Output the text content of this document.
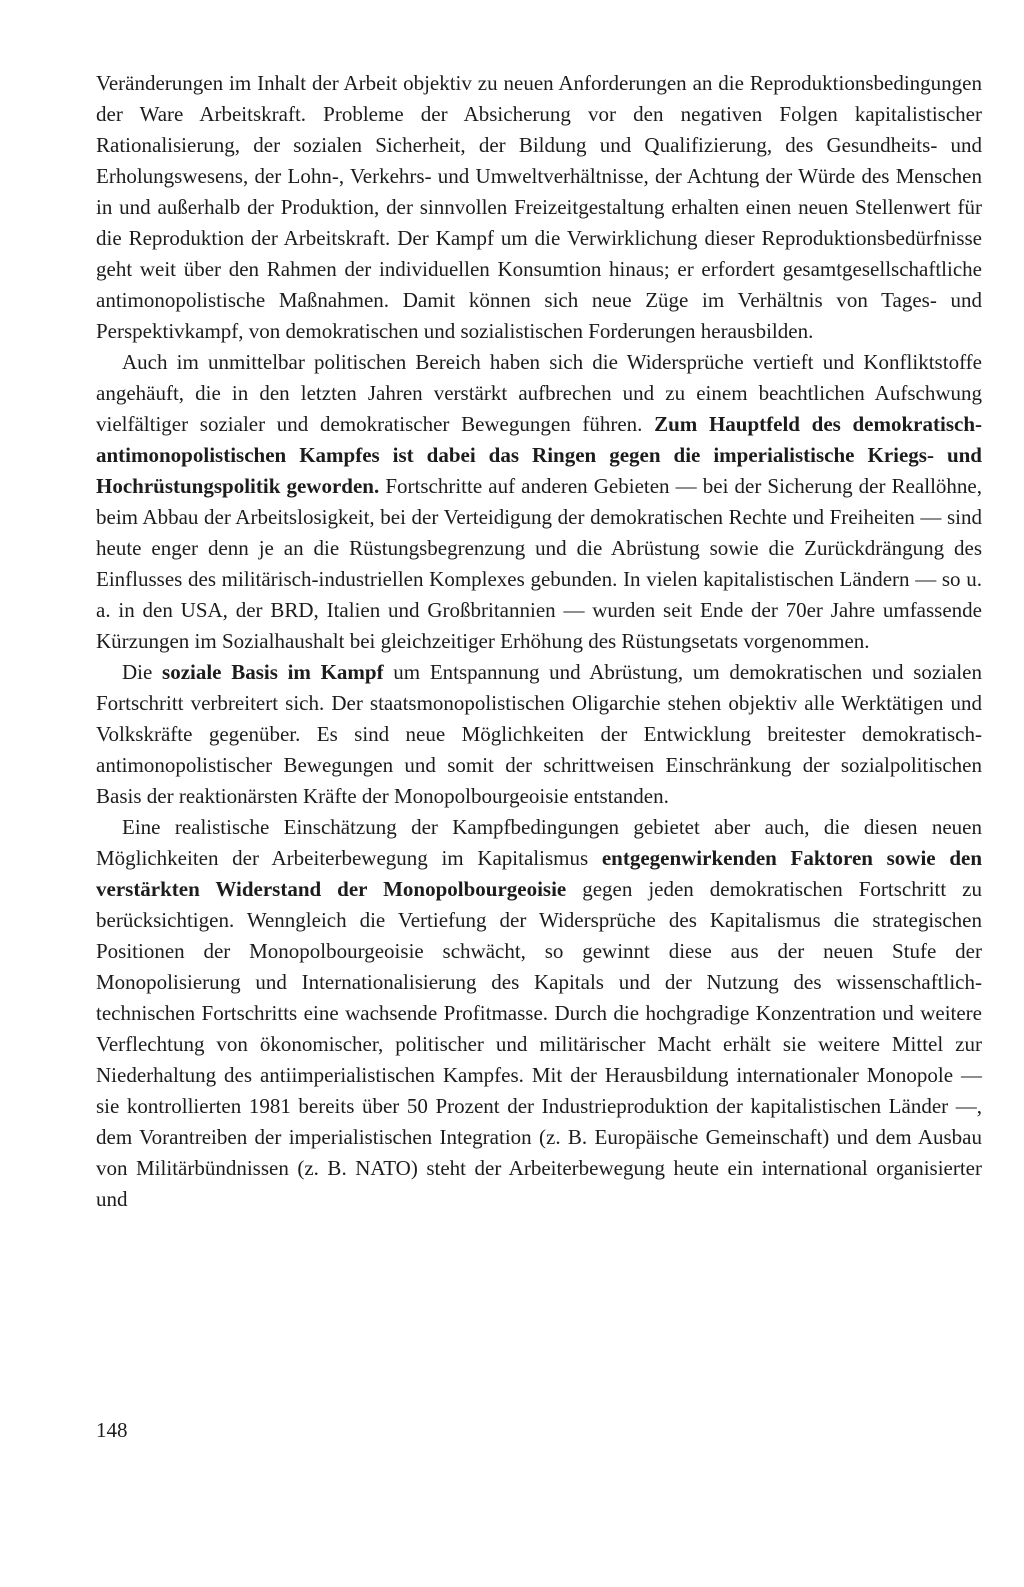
Veränderungen im Inhalt der Arbeit objektiv zu neuen Anforderungen an die Reproduktionsbedingungen der Ware Arbeitskraft. Probleme der Absicherung vor den negativen Folgen kapitalistischer Rationalisierung, der sozialen Sicherheit, der Bildung und Qualifizierung, des Gesundheits- und Erholungswesens, der Lohn-, Verkehrs- und Umweltverhältnisse, der Achtung der Würde des Menschen in und außerhalb der Produktion, der sinnvollen Freizeitgestaltung erhalten einen neuen Stellenwert für die Reproduktion der Arbeitskraft. Der Kampf um die Verwirklichung dieser Reproduktionsbedürfnisse geht weit über den Rahmen der individuellen Konsumtion hinaus; er erfordert gesamtgesellschaftliche antimonopolistische Maßnahmen. Damit können sich neue Züge im Verhältnis von Tages- und Perspektivkampf, von demokratischen und sozialistischen Forderungen herausbilden.

Auch im unmittelbar politischen Bereich haben sich die Widersprüche vertieft und Konfliktstoffe angehäuft, die in den letzten Jahren verstärkt aufbrechen und zu einem beachtlichen Aufschwung vielfältiger sozialer und demokratischer Bewegungen führen. Zum Hauptfeld des demokratisch-antimonopolistischen Kampfes ist dabei das Ringen gegen die imperialistische Kriegs- und Hochrüstungspolitik geworden. Fortschritte auf anderen Gebieten — bei der Sicherung der Reallöhne, beim Abbau der Arbeitslosigkeit, bei der Verteidigung der demokratischen Rechte und Freiheiten — sind heute enger denn je an die Rüstungsbegrenzung und die Abrüstung sowie die Zurückdrängung des Einflusses des militärisch-industriellen Komplexes gebunden. In vielen kapitalistischen Ländern — so u. a. in den USA, der BRD, Italien und Großbritannien — wurden seit Ende der 70er Jahre umfassende Kürzungen im Sozialhaushalt bei gleichzeitiger Erhöhung des Rüstungsetats vorgenommen.

Die soziale Basis im Kampf um Entspannung und Abrüstung, um demokratischen und sozialen Fortschritt verbreitert sich. Der staatsmonopolistischen Oligarchie stehen objektiv alle Werktätigen und Volkskräfte gegenüber. Es sind neue Möglichkeiten der Entwicklung breitester demokratisch-antimonopolistischer Bewegungen und somit der schrittweisen Einschränkung der sozialpolitischen Basis der reaktionärsten Kräfte der Monopolbourgeoisie entstanden.

Eine realistische Einschätzung der Kampfbedingungen gebietet aber auch, die diesen neuen Möglichkeiten der Arbeiterbewegung im Kapitalismus entgegenwirkenden Faktoren sowie den verstärkten Widerstand der Monopolbourgeoisie gegen jeden demokratischen Fortschritt zu berücksichtigen. Wenngleich die Vertiefung der Widersprüche des Kapitalismus die strategischen Positionen der Monopolbourgeoisie schwächt, so gewinnt diese aus der neuen Stufe der Monopolisierung und Internationalisierung des Kapitals und der Nutzung des wissenschaftlich-technischen Fortschritts eine wachsende Profitmasse. Durch die hochgradige Konzentration und weitere Verflechtung von ökonomischer, politischer und militärischer Macht erhält sie weitere Mittel zur Niederhaltung des antiimperialistischen Kampfes. Mit der Herausbildung internationaler Monopole — sie kontrollierten 1981 bereits über 50 Prozent der Industrieproduktion der kapitalistischen Länder —, dem Vorantreiben der imperialistischen Integration (z. B. Europäische Gemeinschaft) und dem Ausbau von Militärbündnissen (z. B. NATO) steht der Arbeiterbewegung heute ein international organisierter und

148
